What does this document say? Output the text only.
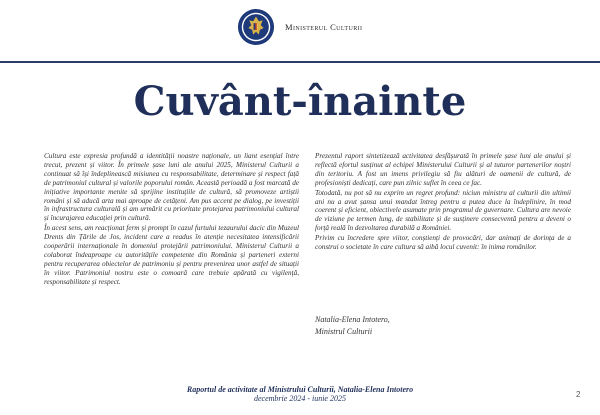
Ministerul Culturii
Cuvânt-înainte

Cultura este expresia profundă a identității noastre naționale, un liant esențial între trecut, prezent și viitor. În primele șase luni ale anului 2025, Ministerul Culturii a continuat să își îndeplinească misiunea cu responsabilitate, determinare și respect față de patrimoniul cultural și valorile poporului român. Această perioadă a fost marcată de inițiative importante menite să sprijine instituțiile de cultură, să promoveze artiștii români și să aducă arta mai aproape de cetățeni. Am pus accent pe dialog, pe investiții în infrastructura culturală și am urmărit cu prioritate protejarea patrimoniului cultural și încurajarea educației prin cultură.

În acest sens, am reacționat ferm și prompt în cazul furtului tezaurului dacic din Muzeul Drents din Țările de Jos, incident care a readus în atenție necesitatea intensificării cooperării internaționale în domeniul protejării patrimoniului. Ministerul Culturii a colaborat îndeaproape cu autoritățile competente din România și parteneri externi pentru recuperarea obiectelor de patrimoniu și pentru prevenirea unor astfel de situații în viitor. Patrimoniul nostru este o comoară care trebuie apărată cu vigilență, responsabilitate și respect.

Prezentul raport sintetizează activitatea desfășurată în primele șase luni ale anului și reflectă efortul susținut al echipei Ministerului Culturii și al tuturor partenerilor noștri din teritoriu. A fost un imens privilegiu să fiu alături de oamenii de cultură, de profesioniști dedicați, care pun zilnic suflet în ceea ce fac.

Totodată, nu pot să nu exprim un regret profund: niciun ministru al culturii din ultimii ani nu a avut șansa unui mandat întreg pentru a putea duce la îndeplinire, în mod coerent și eficient, obiectivele asumate prin programul de guvernare. Cultura are nevoie de viziune pe termen lung, de stabilitate și de susținere consecventă pentru a deveni o forță reală în dezvoltarea durabilă a României.

Privim cu încredere spre viitor, conștienți de provocări, dar animați de dorința de a construi o societate în care cultura să aibă locul cuvenit: în inima românilor.

Natalia-Elena Intotero,
Ministrul Culturii
Raportul de activitate al Ministrului Culturii, Natalia-Elena Intotero
decembrie 2024 - iunie 2025	2
